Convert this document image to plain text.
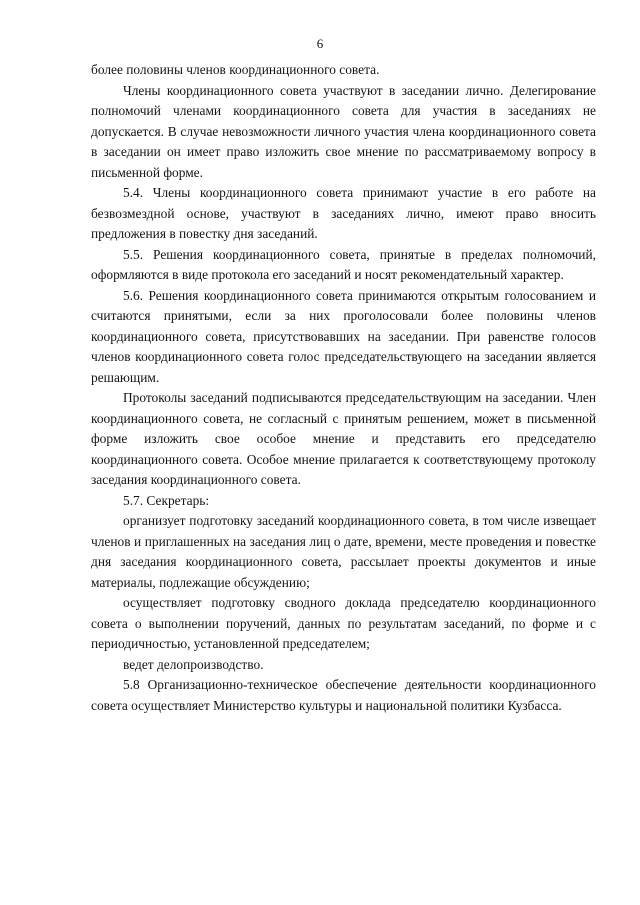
6

более половины членов координационного совета.

Члены координационного совета участвуют в заседании лично. Делегирование полномочий членами координационного совета для участия в заседаниях не допускается. В случае невозможности личного участия члена координационного совета в заседании он имеет право изложить свое мнение по рассматриваемому вопросу в письменной форме.

5.4. Члены координационного совета принимают участие в его работе на безвозмездной основе, участвуют в заседаниях лично, имеют право вносить предложения в повестку дня заседаний.

5.5. Решения координационного совета, принятые в пределах полномочий, оформляются в виде протокола его заседаний и носят рекомендательный характер.

5.6. Решения координационного совета принимаются открытым голосованием и считаются принятыми, если за них проголосовали более половины членов координационного совета, присутствовавших на заседании. При равенстве голосов членов координационного совета голос председательствующего на заседании является решающим.

Протоколы заседаний подписываются председательствующим на заседании. Член координационного совета, не согласный с принятым решением, может в письменной форме изложить свое особое мнение и представить его председателю координационного совета. Особое мнение прилагается к соответствующему протоколу заседания координационного совета.

5.7. Секретарь:

организует подготовку заседаний координационного совета, в том числе извещает членов и приглашенных на заседания лиц о дате, времени, месте проведения и повестке дня заседания координационного совета, рассылает проекты документов и иные материалы, подлежащие обсуждению;

осуществляет подготовку сводного доклада председателю координационного совета о выполнении поручений, данных по результатам заседаний, по форме и с периодичностью, установленной председателем;

ведет делопроизводство.

5.8 Организационно-техническое обеспечение деятельности координационного совета осуществляет Министерство культуры и национальной политики Кузбасса.
